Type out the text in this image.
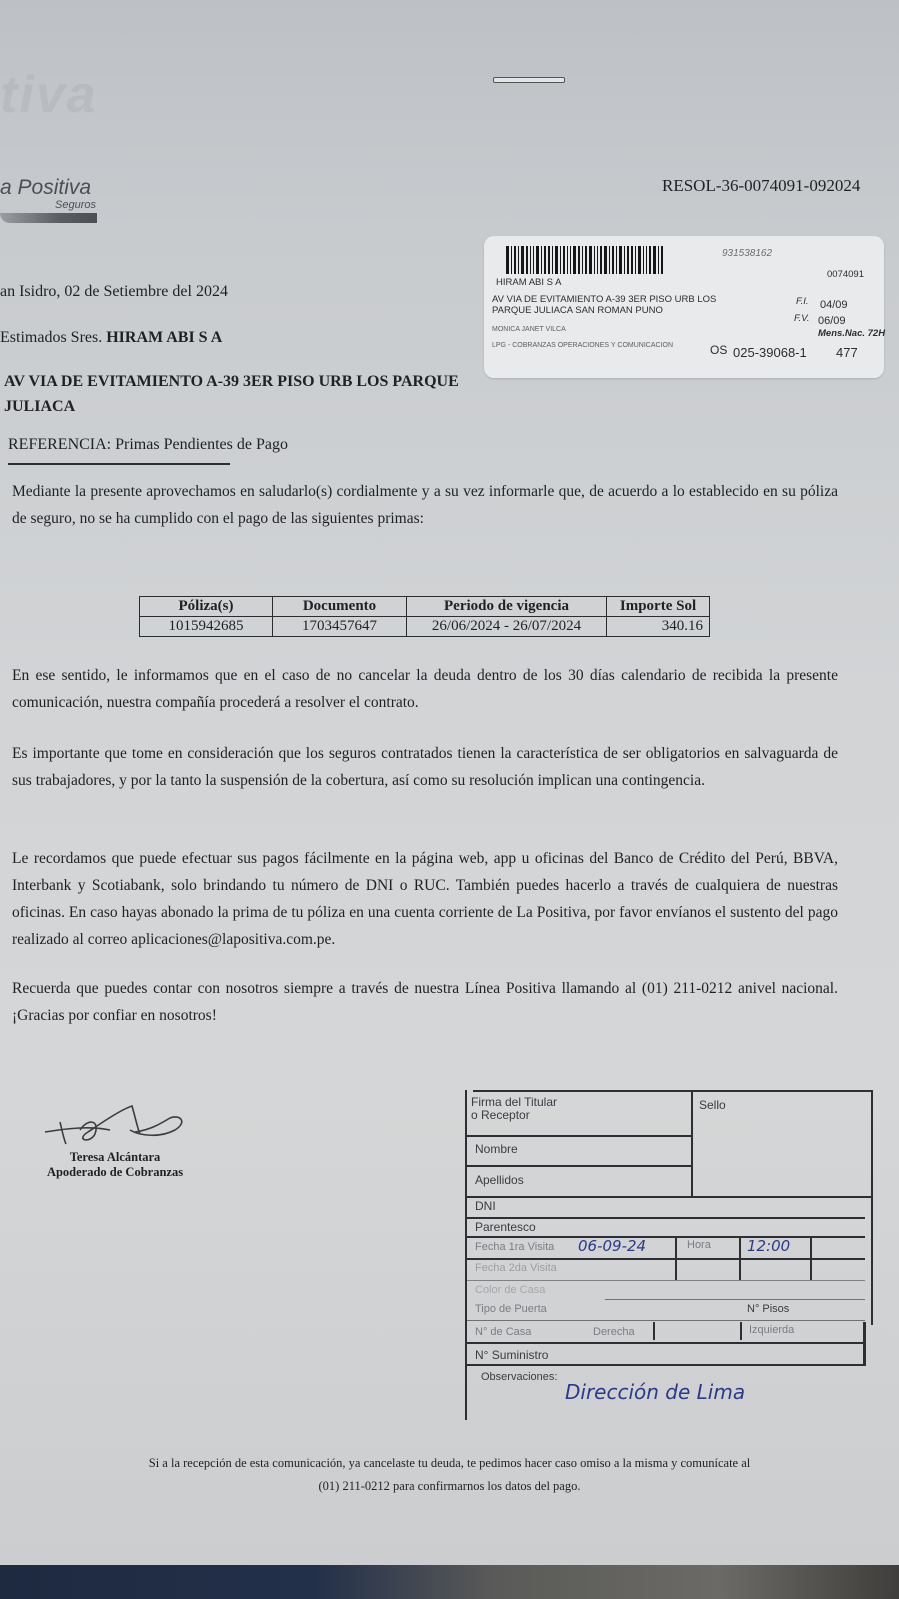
tiva
a Positiva
Seguros
RESOL-36-0074091-092024
931538162
0074091
HIRAM ABI S A
AV VIA DE EVITAMIENTO A-39 3ER PISO URB LOS
PARQUE JULIACA SAN ROMAN PUNO
MONICA JANET VILCA
LPG - COBRANZAS OPERACIONES Y COMUNICACION
F.I. 04/09
F.V. 06/09
Mens.Nac. 72H
OS 025-39068-1 477
an Isidro, 02 de Setiembre del 2024
Estimados Sres. HIRAM ABI S A
AV VIA DE EVITAMIENTO A-39 3ER PISO URB LOS PARQUE
JULIACA
REFERENCIA: Primas Pendientes de Pago
Mediante la presente aprovechamos en saludarlo(s) cordialmente y a su vez informarle que, de acuerdo a lo establecido en su póliza de seguro, no se ha cumplido con el pago de las siguientes primas:
Póliza(s)	Documento	Periodo de vigencia	Importe Sol
1015942685	1703457647	26/06/2024 - 26/07/2024	340.16
En ese sentido, le informamos que en el caso de no cancelar la deuda dentro de los 30 días calendario de recibida la presente comunicación, nuestra compañía procederá a resolver el contrato.
Es importante que tome en consideración que los seguros contratados tienen la característica de ser obligatorios en salvaguarda de sus trabajadores, y por la tanto la suspensión de la cobertura, así como su resolución implican una contingencia.
Le recordamos que puede efectuar sus pagos fácilmente en la página web, app u oficinas del Banco de Crédito del Perú, BBVA, Interbank y Scotiabank, solo brindando tu número de DNI o RUC. También puedes hacerlo a través de cualquiera de nuestras oficinas. En caso hayas abonado la prima de tu póliza en una cuenta corriente de La Positiva, por favor envíanos el sustento del pago realizado al correo aplicaciones@lapositiva.com.pe.
Recuerda que puedes contar con nosotros siempre a través de nuestra Línea Positiva llamando al (01) 211-0212 anivel nacional. ¡Gracias por confiar en nosotros!
Teresa Alcántara
Apoderado de Cobranzas
Firma del Titular
o Receptor
Sello
Nombre
Apellidos
DNI
Parentesco
Fecha 1ra Visita 06-09-24	Hora 12:00
Fecha 2da Visita
Color de Casa
Tipo de Puerta	N° Pisos
N° de Casa	Derecha	Izquierda
N° Suministro
Observaciones:
Dirección de Lima
Si a la recepción de esta comunicación, ya cancelaste tu deuda, te pedimos hacer caso omiso a la misma y comunícate al
(01) 211-0212 para confirmarnos los datos del pago.
